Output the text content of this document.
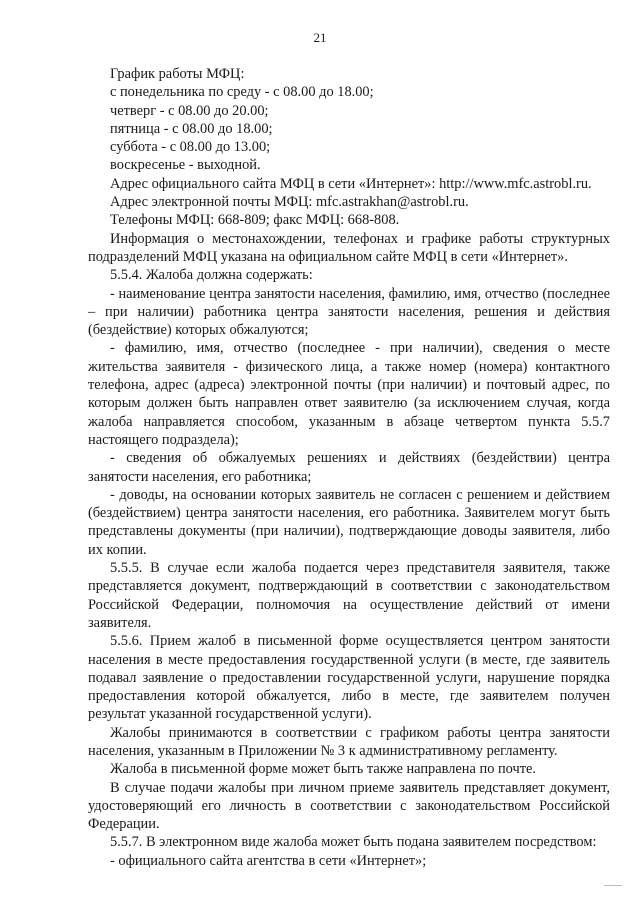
21

График работы МФЦ:

с понедельника по среду - с 08.00 до 18.00;

четверг - с 08.00 до 20.00;

пятница - с 08.00 до 18.00;

суббота - с 08.00 до 13.00;

воскресенье - выходной.

Адрес официального сайта МФЦ в сети «Интернет»: http://www.mfc.astrobl.ru.

Адрес электронной почты МФЦ: mfc.astrakhan@astrobl.ru.

Телефоны МФЦ: 668-809; факс МФЦ: 668-808.

Информация о местонахождении, телефонах и графике работы структурных подразделений МФЦ указана на официальном сайте МФЦ в сети «Интернет».

5.5.4. Жалоба должна содержать:

- наименование центра занятости населения, фамилию, имя, отчество (последнее – при наличии) работника центра занятости населения, решения и действия (бездействие) которых обжалуются;

- фамилию, имя, отчество (последнее - при наличии), сведения о месте жительства заявителя - физического лица, а также номер (номера) контактного телефона, адрес (адреса) электронной почты (при наличии) и почтовый адрес, по которым должен быть направлен ответ заявителю (за исключением случая, когда жалоба направляется способом, указанным в абзаце четвертом пункта 5.5.7 настоящего подраздела);

- сведения об обжалуемых решениях и действиях (бездействии) центра занятости населения, его работника;

- доводы, на основании которых заявитель не согласен с решением и действием (бездействием) центра занятости населения, его работника. Заявителем могут быть представлены документы (при наличии), подтверждающие доводы заявителя, либо их копии.

5.5.5. В случае если жалоба подается через представителя заявителя, также представляется документ, подтверждающий в соответствии с законодательством Российской Федерации, полномочия на осуществление действий от имени заявителя.

5.5.6. Прием жалоб в письменной форме осуществляется центром занятости населения в месте предоставления государственной услуги (в месте, где заявитель подавал заявление о предоставлении государственной услуги, нарушение порядка предоставления которой обжалуется, либо в месте, где заявителем получен результат указанной государственной услуги).

Жалобы принимаются в соответствии с графиком работы центра занятости населения, указанным в Приложении № 3 к административному регламенту.

Жалоба в письменной форме может быть также направлена по почте.

В случае подачи жалобы при личном приеме заявитель представляет документ, удостоверяющий его личность в соответствии с законодательством Российской Федерации.

5.5.7. В электронном виде жалоба может быть подана заявителем посредством:

- официального сайта агентства в сети «Интернет»;
